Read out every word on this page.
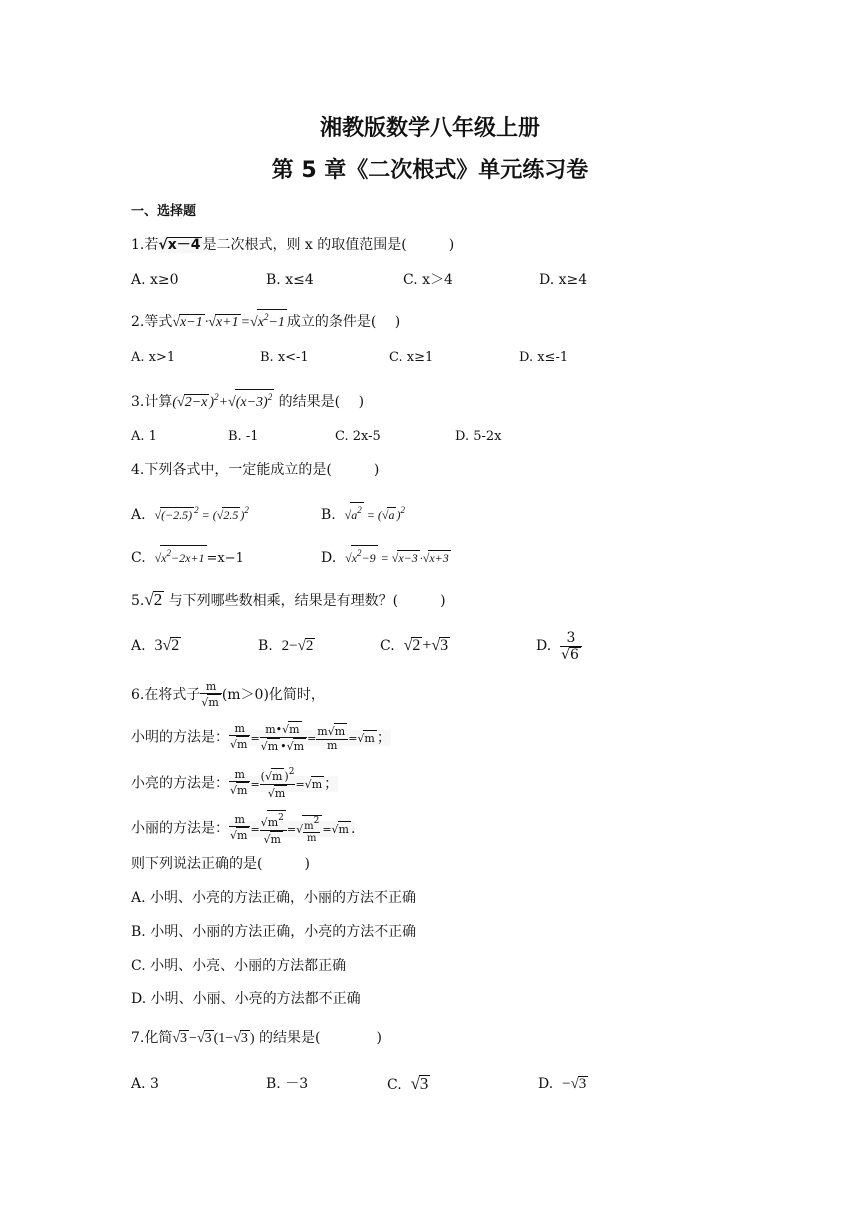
湘教版数学八年级上册
第 5 章《二次根式》单元练习卷
一、选择题
1.若√x－4 是二次根式，则 x 的取值范围是(　　　)
A. x≥0	B. x≤4	C. x＞4	D. x≥4
2.等式$√x-1 \cdot√x+1 =√x^2-1$ 成立的条件是(　 )
A. x>1	B. x<-1	C. x≥1	D. x≤-1
3.计算(√2−x )$^2+√(x-3)^2$ 的结果是(　 )
A. 1	B. -1	C. 2x-5	D. 5-2x
4.下列各式中，一定能成立的是(　　　)
A. √(−2.5) $^2$ = (√2.5 )$^2$	B. $√a^2 = (√a$ )$^2$
C. $√x^2-2x+1 =x-1$	D. $√x^2-9 = √x-3 \cdot√x+3$
5.√2 与下列哪些数相乘，结果是有理数？(　　　)
A. 3√2	B. 2−√2	C. √2 +√3	D. $\frac{3}{√6}$
6.在将式子 $\frac{m}{√m} (m>0)$化简时，
小明的方法是： $\frac{m}{√m} = \frac{m•√m}{√m •√m} = \frac{m√m}{m} =√m$ ；
小亮的方法是： $\frac{m}{√m} = \frac{(√m )^2}{√m} =√m$ ；
小丽的方法是： $\frac{m}{√m} = \frac{√m^2}{√m}$ =√ $\frac{m^2}{m} =√m$ .
则下列说法正确的是(　　　)
A. 小明、小亮的方法正确，小丽的方法不正确
B. 小明、小丽的方法正确，小亮的方法不正确
C. 小明、小亮、小丽的方法都正确
D. 小明、小丽、小亮的方法都不正确
7.化简√3 −√3 (1−√3 ) 的结果是(　　　　)
A. 3	B. －3	C. √3	D. −√3
